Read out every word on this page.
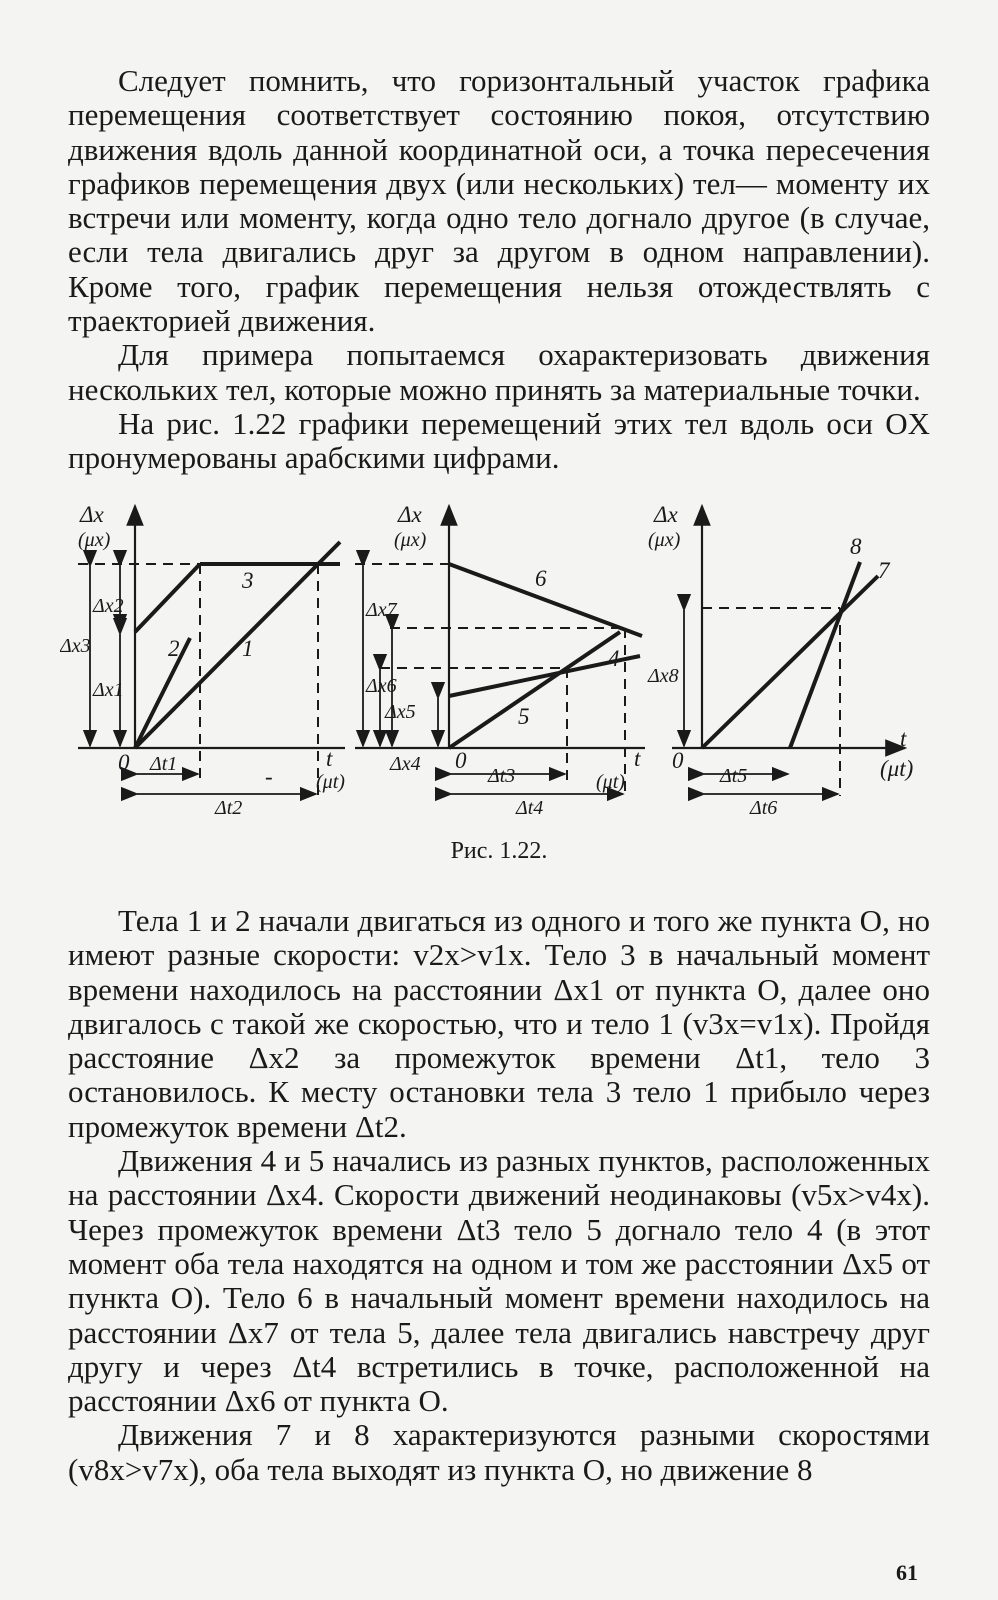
Следует помнить, что горизонтальный участок графика перемещения соответствует состоянию покоя, отсутствию движения вдоль данной координатной оси, а точка пересечения графиков перемещения двух (или нескольких) тел— моменту их встречи или моменту, когда одно тело догнало другое (в случае, если тела двигались друг за другом в одном направлении). Кроме того, график перемещения нельзя отождествлять с траекторией движения.

Для примера попытаемся охарактеризовать движения нескольких тел, которые можно принять за материальные точки.

На рис. 1.22 графики перемещений этих тел вдоль оси OX пронумерованы арабскими цифрами.

Δx
(μx)
3
2	1
Δx2
Δx3
Δx1
0 Δt1	-
Δt2
t
(μt)
Δx
(μx)
6
4
5
Δx7
Δx6
Δx5
Δx4 0
Δt3
Δt4
t
(μt)
Δx
(μx)	8
7
Δx8
0
Δt5
Δt6
t
(μt)
Рис. 1.22.

Тела 1 и 2 начали двигаться из одного и того же пункта O, но имеют разные скорости: v2x>v1x. Тело 3 в начальный момент времени находилось на расстоянии Δx1 от пункта O, далее оно двигалось с такой же скоростью, что и тело 1 (v3x=v1x). Пройдя расстояние Δx2 за промежуток времени Δt1, тело 3 остановилось. К месту остановки тела 3 тело 1 прибыло через промежуток времени Δt2.

Движения 4 и 5 начались из разных пунктов, расположенных на расстоянии Δx4. Скорости движений неодинаковы (v5x>v4x). Через промежуток времени Δt3 тело 5 догнало тело 4 (в этот момент оба тела находятся на одном и том же расстоянии Δx5 от пункта O). Тело 6 в начальный момент времени находилось на расстоянии Δx7 от тела 5, далее тела двигались навстречу друг другу и через Δt4 встретились в точке, расположенной на расстоянии Δx6 от пункта O.

Движения 7 и 8 характеризуются разными скоростями (v8x>v7x), оба тела выходят из пункта O, но движение 8

61
